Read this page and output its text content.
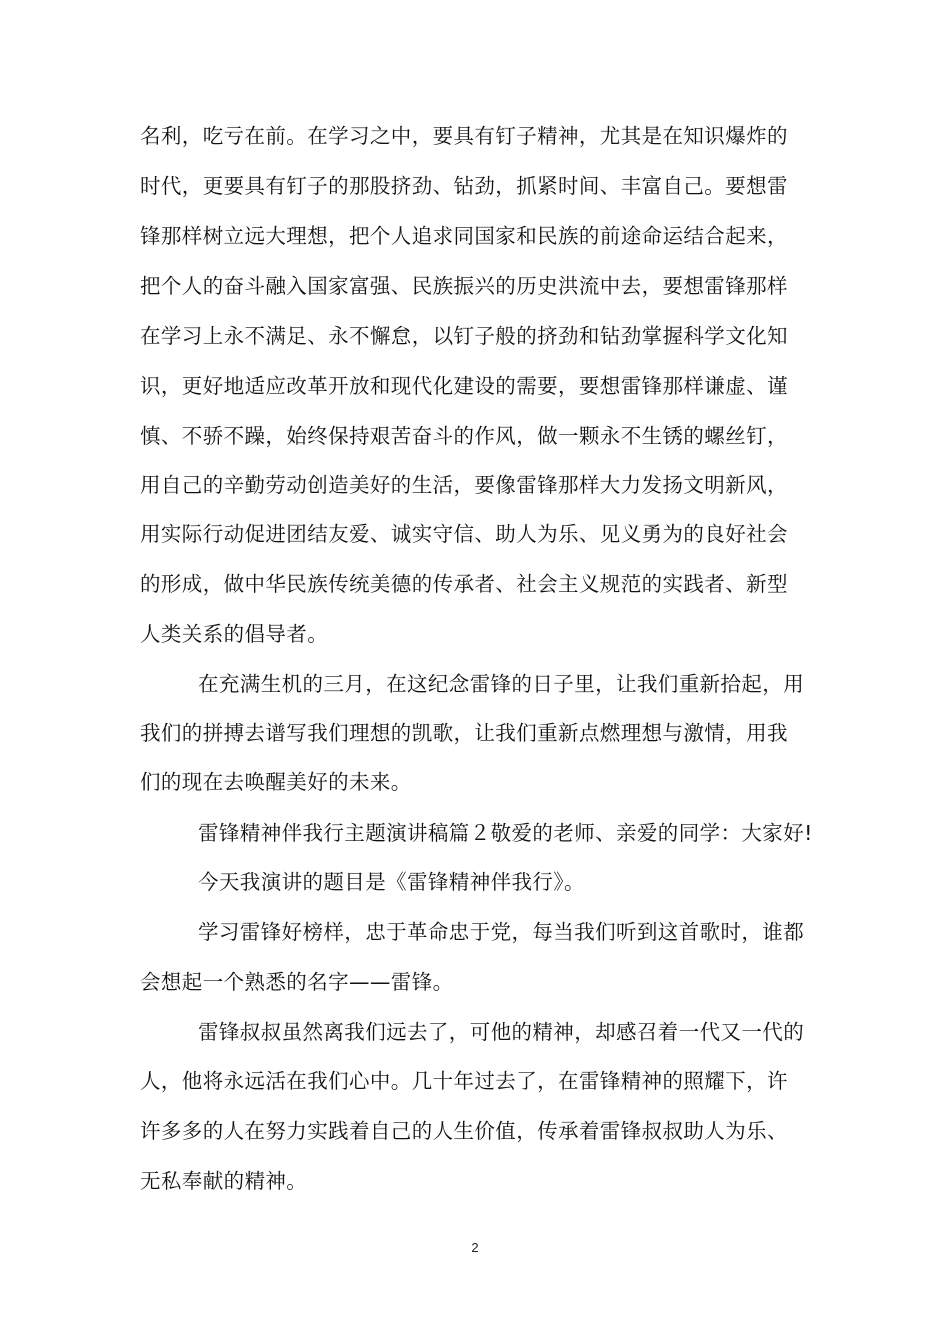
名利，吃亏在前。在学习之中，要具有钉子精神，尤其是在知识爆炸的
时代，更要具有钉子的那股挤劲、钻劲，抓紧时间、丰富自己。要想雷
锋那样树立远大理想，把个人追求同国家和民族的前途命运结合起来，
把个人的奋斗融入国家富强、民族振兴的历史洪流中去，要想雷锋那样
在学习上永不满足、永不懈怠，以钉子般的挤劲和钻劲掌握科学文化知
识，更好地适应改革开放和现代化建设的需要，要想雷锋那样谦虚、谨
慎、不骄不躁，始终保持艰苦奋斗的作风，做一颗永不生锈的螺丝钉，
用自己的辛勤劳动创造美好的生活，要像雷锋那样大力发扬文明新风，
用实际行动促进团结友爱、诚实守信、助人为乐、见义勇为的良好社会
的形成，做中华民族传统美德的传承者、社会主义规范的实践者、新型
人类关系的倡导者。
在充满生机的三月，在这纪念雷锋的日子里，让我们重新拾起，用
我们的拼搏去谱写我们理想的凯歌，让我们重新点燃理想与激情，用我
们的现在去唤醒美好的未来。
雷锋精神伴我行主题演讲稿篇２敬爱的老师、亲爱的同学：大家好!
今天我演讲的题目是《雷锋精神伴我行》。
学习雷锋好榜样，忠于革命忠于党，每当我们听到这首歌时，谁都
会想起一个熟悉的名字——雷锋。
雷锋叔叔虽然离我们远去了，可他的精神，却感召着一代又一代的
人，他将永远活在我们心中。几十年过去了，在雷锋精神的照耀下，许
许多多的人在努力实践着自己的人生价值，传承着雷锋叔叔助人为乐、
无私奉献的精神。
2
